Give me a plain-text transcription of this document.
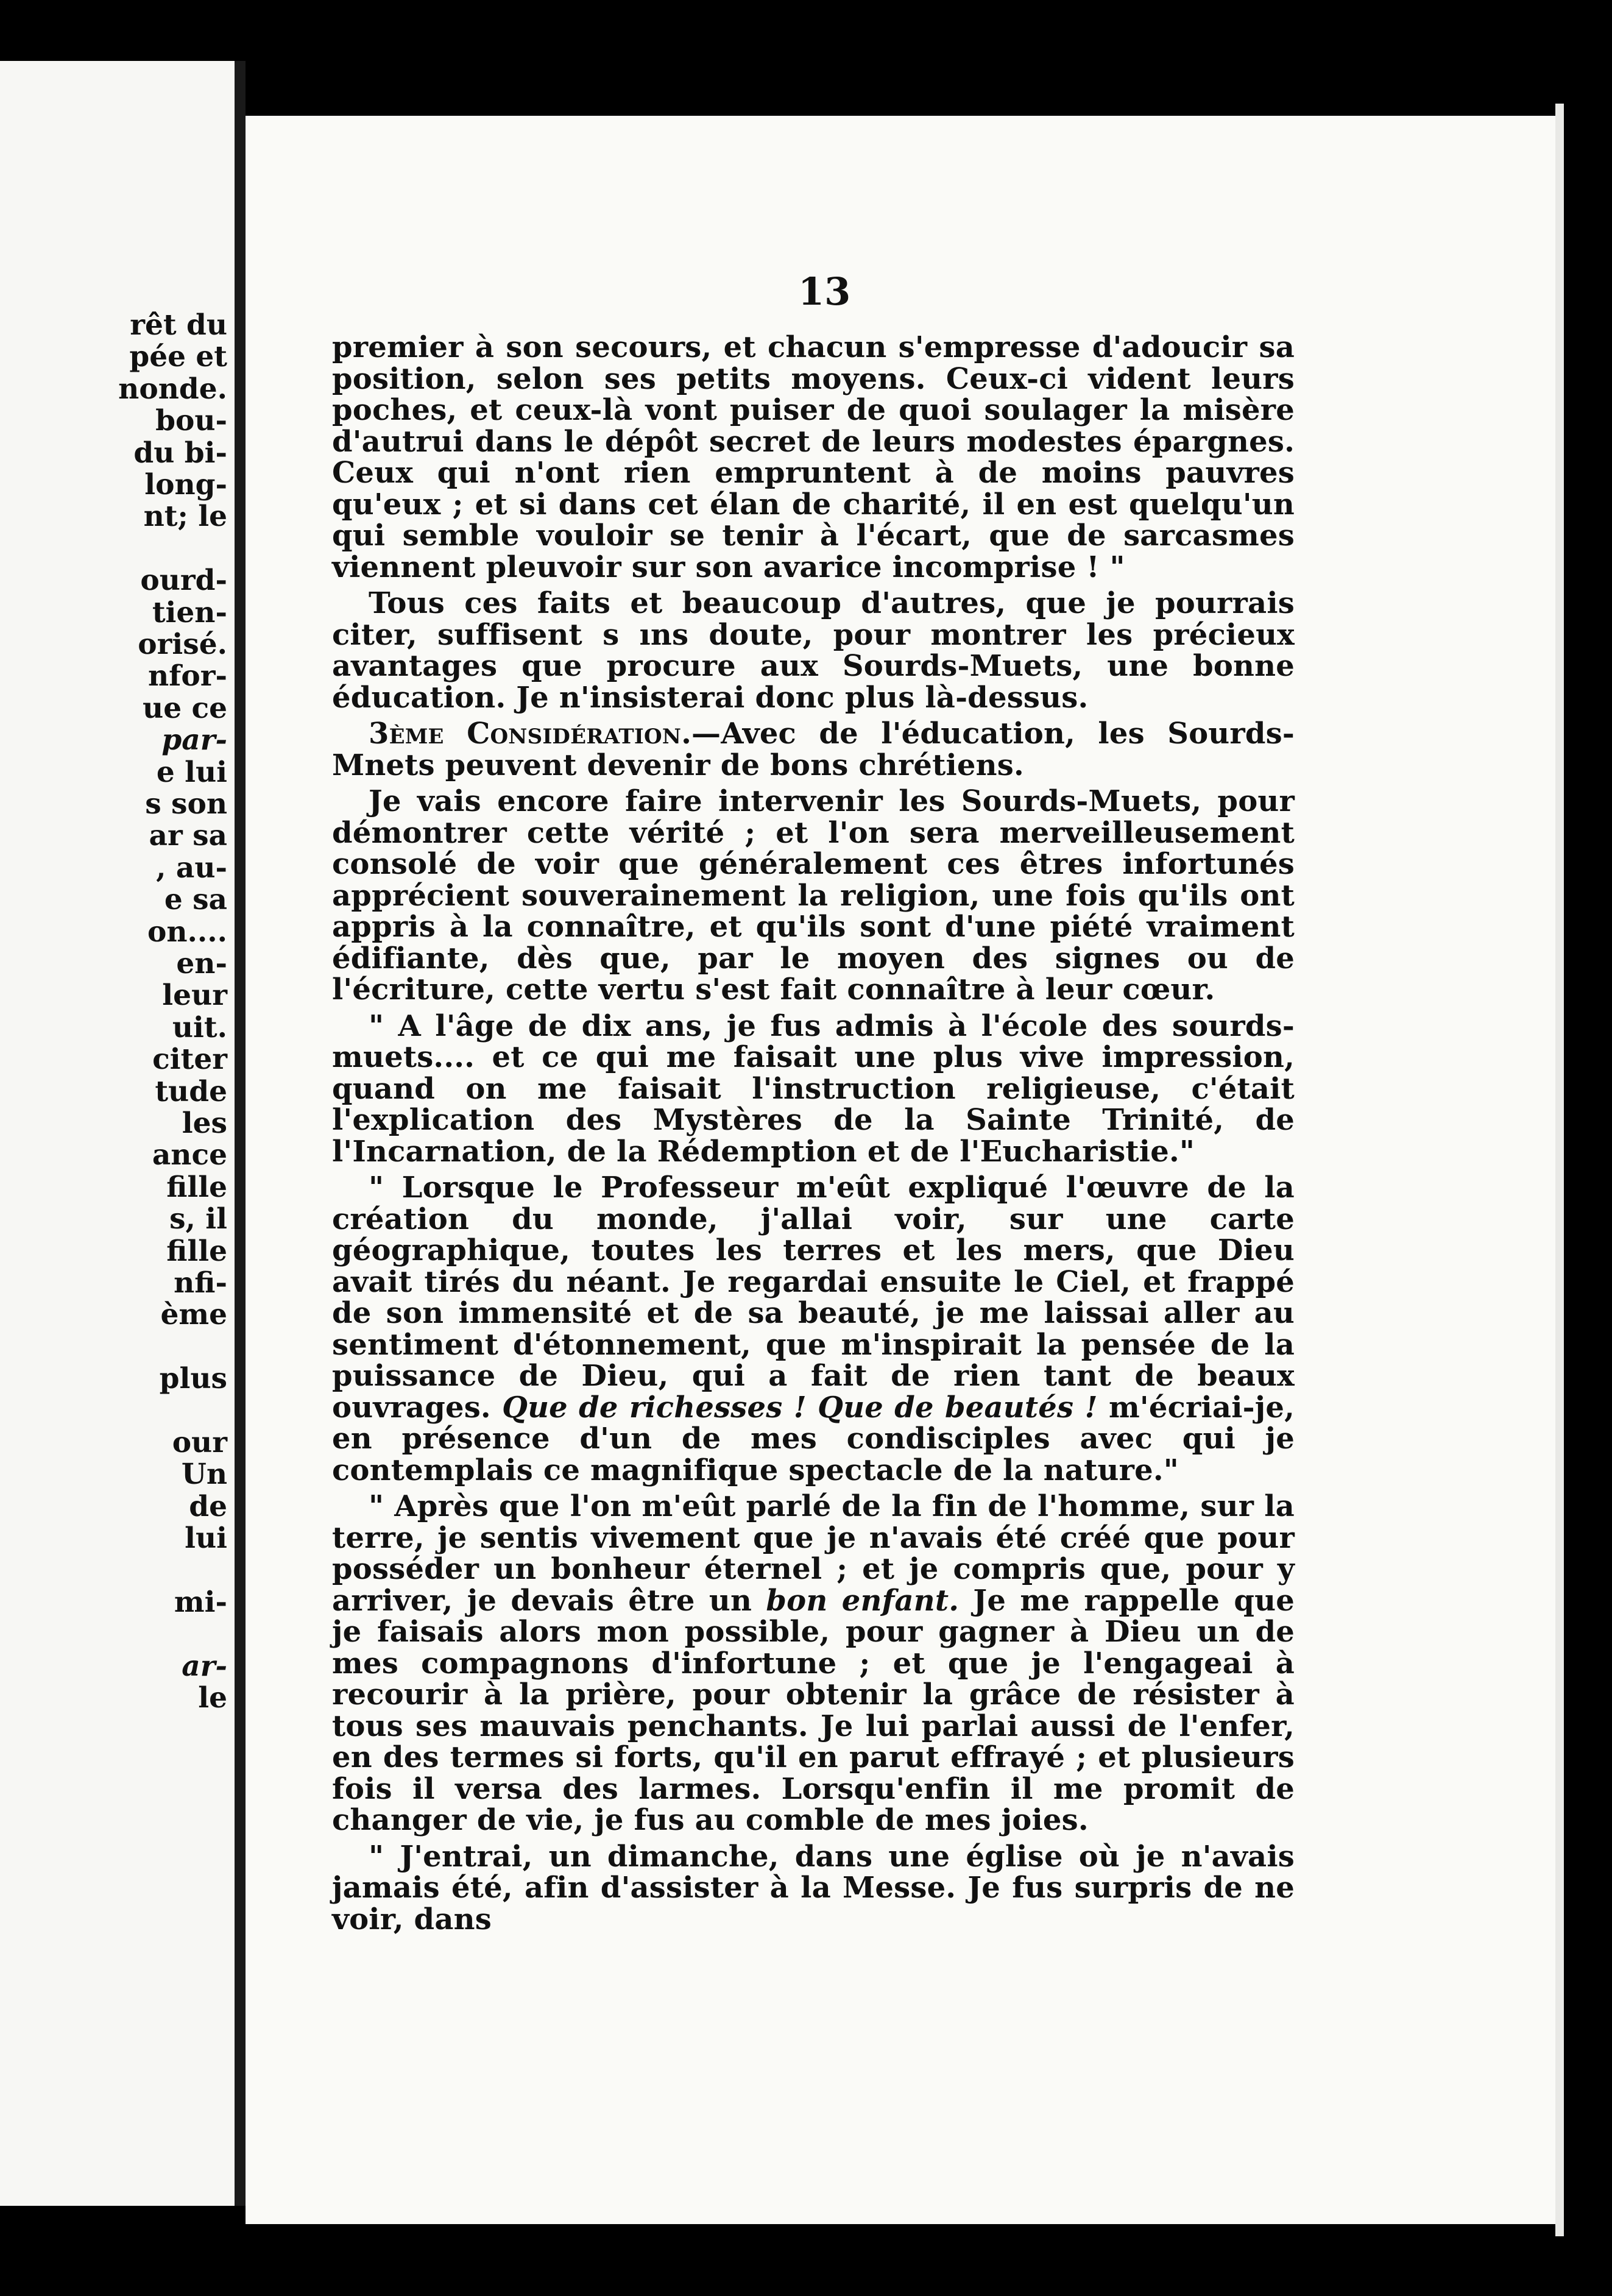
rêt du
pée et
nonde.
bou-
du bi-
long-
nt; le
ourd-
tien-
orisé.
nfor-
ue ce
par-
e lui
s son
ar sa
, au-
e sa
on....
en-
leur
uit.
citer
tude
les
ance
fille
s, il
fille
nfi-
ème
plus
our
Un
de
lui
mi-
ar-
le
13

premier à son secours, et chacun s'empresse d'adoucir sa position, selon ses petits moyens. Ceux-ci vident leurs poches, et ceux-là vont puiser de quoi soulager la misère d'autrui dans le dépôt secret de leurs modestes épargnes. Ceux qui n'ont rien empruntent à de moins pauvres qu'eux ; et si dans cet élan de charité, il en est quelqu'un qui semble vouloir se tenir à l'écart, que de sarcasmes viennent pleuvoir sur son avarice incomprise ! "

Tous ces faits et beaucoup d'autres, que je pourrais citer, suffisent s ıns doute, pour montrer les précieux avantages que procure aux Sourds-Muets, une bonne éducation. Je n'insisterai donc plus là-dessus.

3ème Considération.—Avec de l'éducation, les Sourds-Mnets peuvent devenir de bons chrétiens.

Je vais encore faire intervenir les Sourds-Muets, pour démontrer cette vérité ; et l'on sera merveilleusement consolé de voir que généralement ces êtres infortunés apprécient souverainement la religion, une fois qu'ils ont appris à la connaître, et qu'ils sont d'une piété vraiment édifiante, dès que, par le moyen des signes ou de l'écriture, cette vertu s'est fait connaître à leur cœur.

" A l'âge de dix ans, je fus admis à l'école des sourds-muets.... et ce qui me faisait une plus vive impression, quand on me faisait l'instruction religieuse, c'était l'explication des Mystères de la Sainte Trinité, de l'Incarnation, de la Rédemption et de l'Eucharistie."

" Lorsque le Professeur m'eût expliqué l'œuvre de la création du monde, j'allai voir, sur une carte géographique, toutes les terres et les mers, que Dieu avait tirés du néant. Je regardai ensuite le Ciel, et frappé de son immensité et de sa beauté, je me laissai aller au sentiment d'étonnement, que m'inspirait la pensée de la puissance de Dieu, qui a fait de rien tant de beaux ouvrages. Que de richesses ! Que de beautés ! m'écriai-je, en présence d'un de mes condisciples avec qui je contemplais ce magnifique spectacle de la nature."

" Après que l'on m'eût parlé de la fin de l'homme, sur la terre, je sentis vivement que je n'avais été créé que pour posséder un bonheur éternel ; et je compris que, pour y arriver, je devais être un bon enfant. Je me rappelle que je faisais alors mon possible, pour gagner à Dieu un de mes compagnons d'infortune ; et que je l'engageai à recourir à la prière, pour obtenir la grâce de résister à tous ses mauvais penchants. Je lui parlai aussi de l'enfer, en des termes si forts, qu'il en parut effrayé ; et plusieurs fois il versa des larmes. Lorsqu'enfin il me promit de changer de vie, je fus au comble de mes joies.

" J'entrai, un dimanche, dans une église où je n'avais jamais été, afin d'assister à la Messe. Je fus surpris de ne voir, dans
